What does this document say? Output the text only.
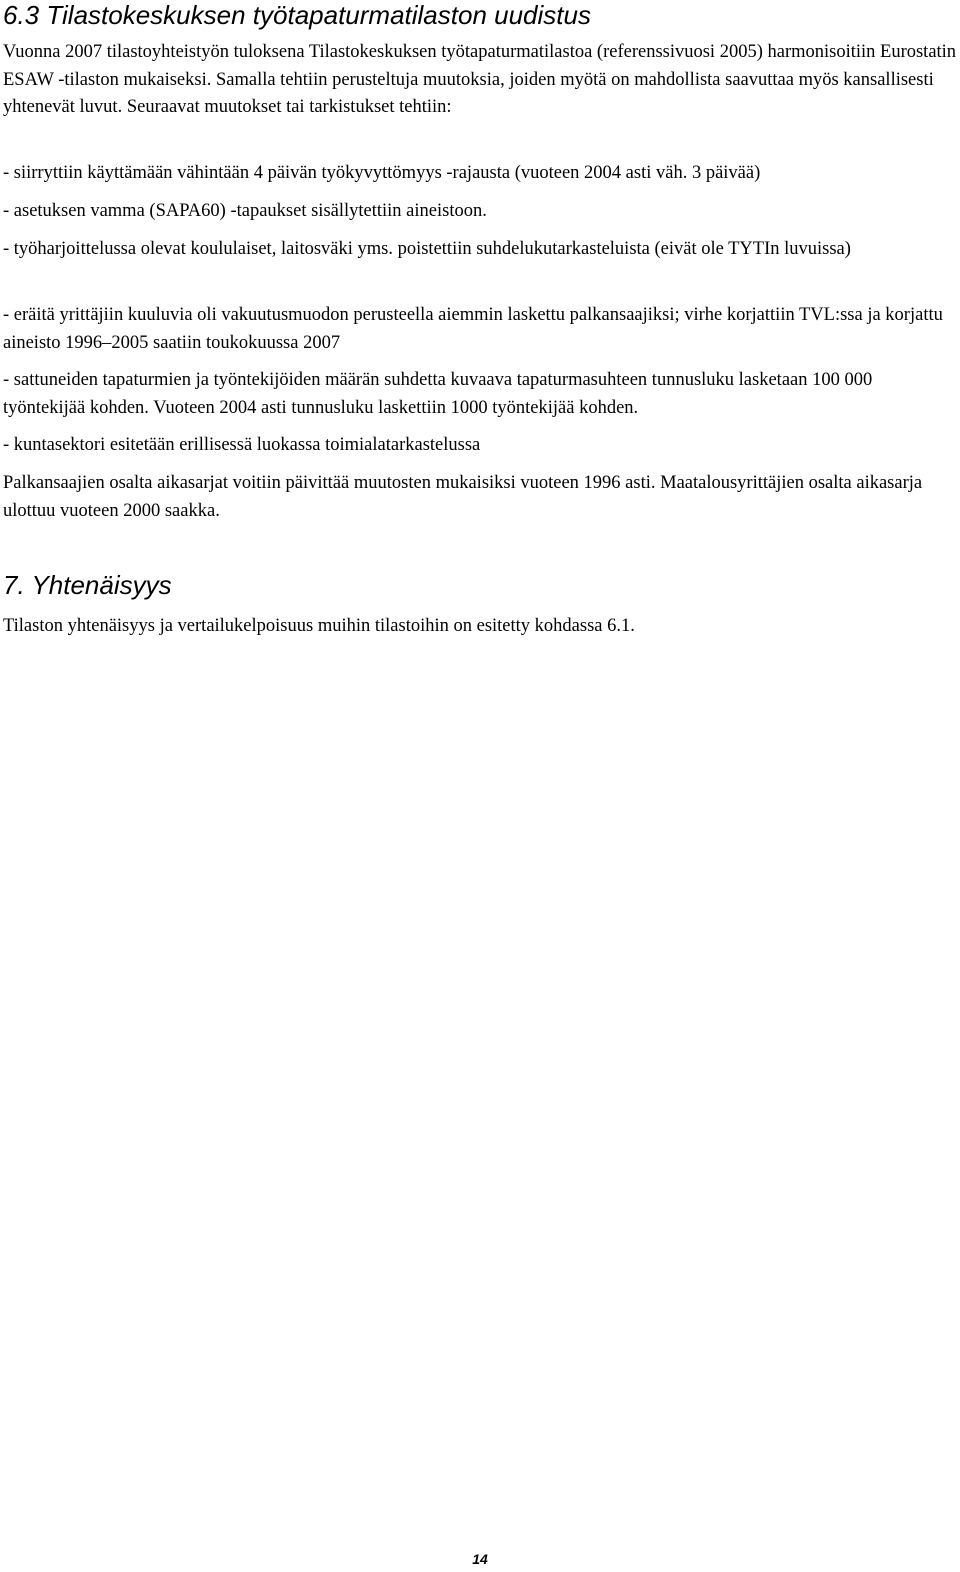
6.3 Tilastokeskuksen työtapaturmatilaston uudistus

Vuonna 2007 tilastoyhteistyön tuloksena Tilastokeskuksen työtapaturmatilastoa (referenssivuosi 2005) harmonisoitiin Eurostatin ESAW -tilaston mukaiseksi. Samalla tehtiin perusteltuja muutoksia, joiden myötä on mahdollista saavuttaa myös kansallisesti yhtenevät luvut. Seuraavat muutokset tai tarkistukset tehtiin:

- siirryttiin käyttämään vähintään 4 päivän työkyvyttömyys -rajausta (vuoteen 2004 asti väh. 3 päivää)

- asetuksen vamma (SAPA60) -tapaukset sisällytettiin aineistoon.

- työharjoittelussa olevat koululaiset, laitosväki yms. poistettiin suhdelukutarkasteluista (eivät ole TYTIn luvuissa)

- eräitä yrittäjiin kuuluvia oli vakuutusmuodon perusteella aiemmin laskettu palkansaajiksi; virhe korjattiin TVL:ssa ja korjattu aineisto 1996–2005 saatiin toukokuussa 2007

- sattuneiden tapaturmien ja työntekijöiden määrän suhdetta kuvaava tapaturmasuhteen tunnusluku lasketaan 100 000 työntekijää kohden. Vuoteen 2004 asti tunnusluku laskettiin 1000 työntekijää kohden.

- kuntasektori esitetään erillisessä luokassa toimialatarkastelussa

Palkansaajien osalta aikasarjat voitiin päivittää muutosten mukaisiksi vuoteen 1996 asti. Maatalousyrittäjien osalta aikasarja ulottuu vuoteen 2000 saakka.

7. Yhtenäisyys

Tilaston yhtenäisyys ja vertailukelpoisuus muihin tilastoihin on esitetty kohdassa 6.1.

14
